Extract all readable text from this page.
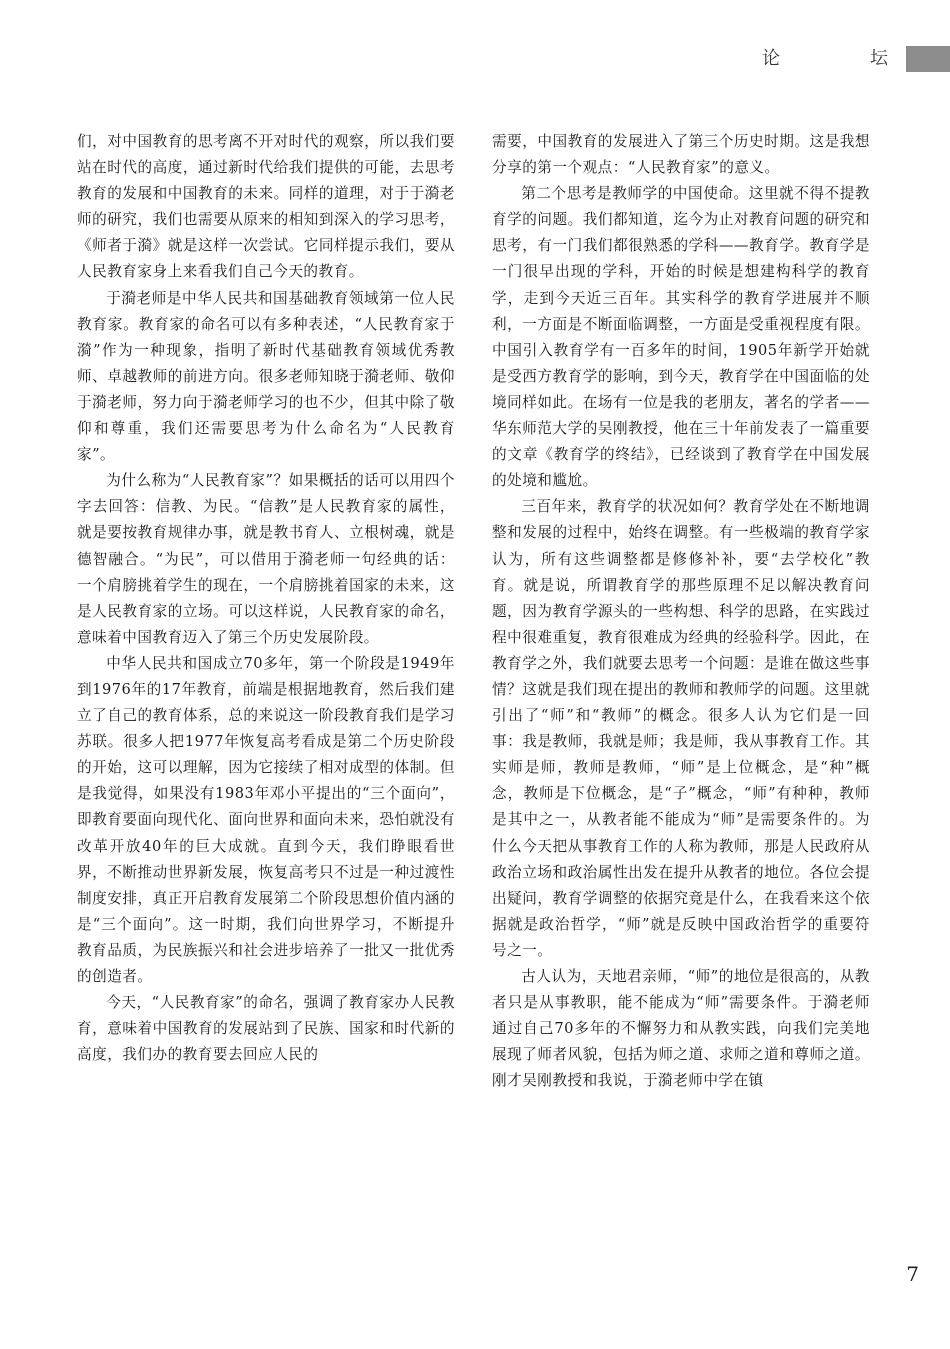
论	坛

们，对中国教育的思考离不开对时代的观察，所以我们要站在时代的高度，通过新时代给我们提供的可能，去思考教育的发展和中国教育的未来。同样的道理，对于于漪老师的研究，我们也需要从原来的相知到深入的学习思考，《师者于漪》就是这样一次尝试。它同样提示我们，要从人民教育家身上来看我们自己今天的教育。

于漪老师是中华人民共和国基础教育领域第一位人民教育家。教育家的命名可以有多种表述，“人民教育家于漪”作为一种现象，指明了新时代基础教育领域优秀教师、卓越教师的前进方向。很多老师知晓于漪老师、敬仰于漪老师，努力向于漪老师学习的也不少，但其中除了敬仰和尊重，我们还需要思考为什么命名为“人民教育家”。

为什么称为“人民教育家”？如果概括的话可以用四个字去回答：信教、为民。“信教”是人民教育家的属性，就是要按教育规律办事，就是教书育人、立根树魂，就是德智融合。“为民”，可以借用于漪老师一句经典的话：一个肩膀挑着学生的现在，一个肩膀挑着国家的未来，这是人民教育家的立场。可以这样说，人民教育家的命名，意味着中国教育迈入了第三个历史发展阶段。

中华人民共和国成立70多年，第一个阶段是1949年到1976年的17年教育，前端是根据地教育，然后我们建立了自己的教育体系，总的来说这一阶段教育我们是学习苏联。很多人把1977年恢复高考看成是第二个历史阶段的开始，这可以理解，因为它接续了相对成型的体制。但是我觉得，如果没有1983年邓小平提出的“三个面向”，即教育要面向现代化、面向世界和面向未来，恐怕就没有改革开放40年的巨大成就。直到今天，我们睁眼看世界，不断推动世界新发展，恢复高考只不过是一种过渡性制度安排，真正开启教育发展第二个阶段思想价值内涵的是“三个面向”。这一时期，我们向世界学习，不断提升教育品质，为民族振兴和社会进步培养了一批又一批优秀的创造者。

今天，“人民教育家”的命名，强调了教育家办人民教育，意味着中国教育的发展站到了民族、国家和时代新的高度，我们办的教育要去回应人民的

需要，中国教育的发展进入了第三个历史时期。这是我想分享的第一个观点：“人民教育家”的意义。

第二个思考是教师学的中国使命。这里就不得不提教育学的问题。我们都知道，迄今为止对教育问题的研究和思考，有一门我们都很熟悉的学科——教育学。教育学是一门很早出现的学科，开始的时候是想建构科学的教育学，走到今天近三百年。其实科学的教育学进展并不顺利，一方面是不断面临调整，一方面是受重视程度有限。中国引入教育学有一百多年的时间，1905年新学开始就是受西方教育学的影响，到今天，教育学在中国面临的处境同样如此。在场有一位是我的老朋友，著名的学者——华东师范大学的吴刚教授，他在三十年前发表了一篇重要的文章《教育学的终结》，已经谈到了教育学在中国发展的处境和尴尬。

三百年来，教育学的状况如何？教育学处在不断地调整和发展的过程中，始终在调整。有一些极端的教育学家认为，所有这些调整都是修修补补，要“去学校化”教育。就是说，所谓教育学的那些原理不足以解决教育问题，因为教育学源头的一些构想、科学的思路，在实践过程中很难重复，教育很难成为经典的经验科学。因此，在教育学之外，我们就要去思考一个问题：是谁在做这些事情？这就是我们现在提出的教师和教师学的问题。这里就引出了“师”和“教师”的概念。很多人认为它们是一回事：我是教师，我就是师；我是师，我从事教育工作。其实师是师，教师是教师，“师”是上位概念，是“种”概念，教师是下位概念，是“子”概念，“师”有种种，教师是其中之一，从教者能不能成为“师”是需要条件的。为什么今天把从事教育工作的人称为教师，那是人民政府从政治立场和政治属性出发在提升从教者的地位。各位会提出疑问，教育学调整的依据究竟是什么，在我看来这个依据就是政治哲学，“师”就是反映中国政治哲学的重要符号之一。

古人认为，天地君亲师，“师”的地位是很高的，从教者只是从事教职，能不能成为“师”需要条件。于漪老师通过自己70多年的不懈努力和从教实践，向我们完美地展现了师者风貌，包括为师之道、求师之道和尊师之道。刚才吴刚教授和我说，于漪老师中学在镇

7
